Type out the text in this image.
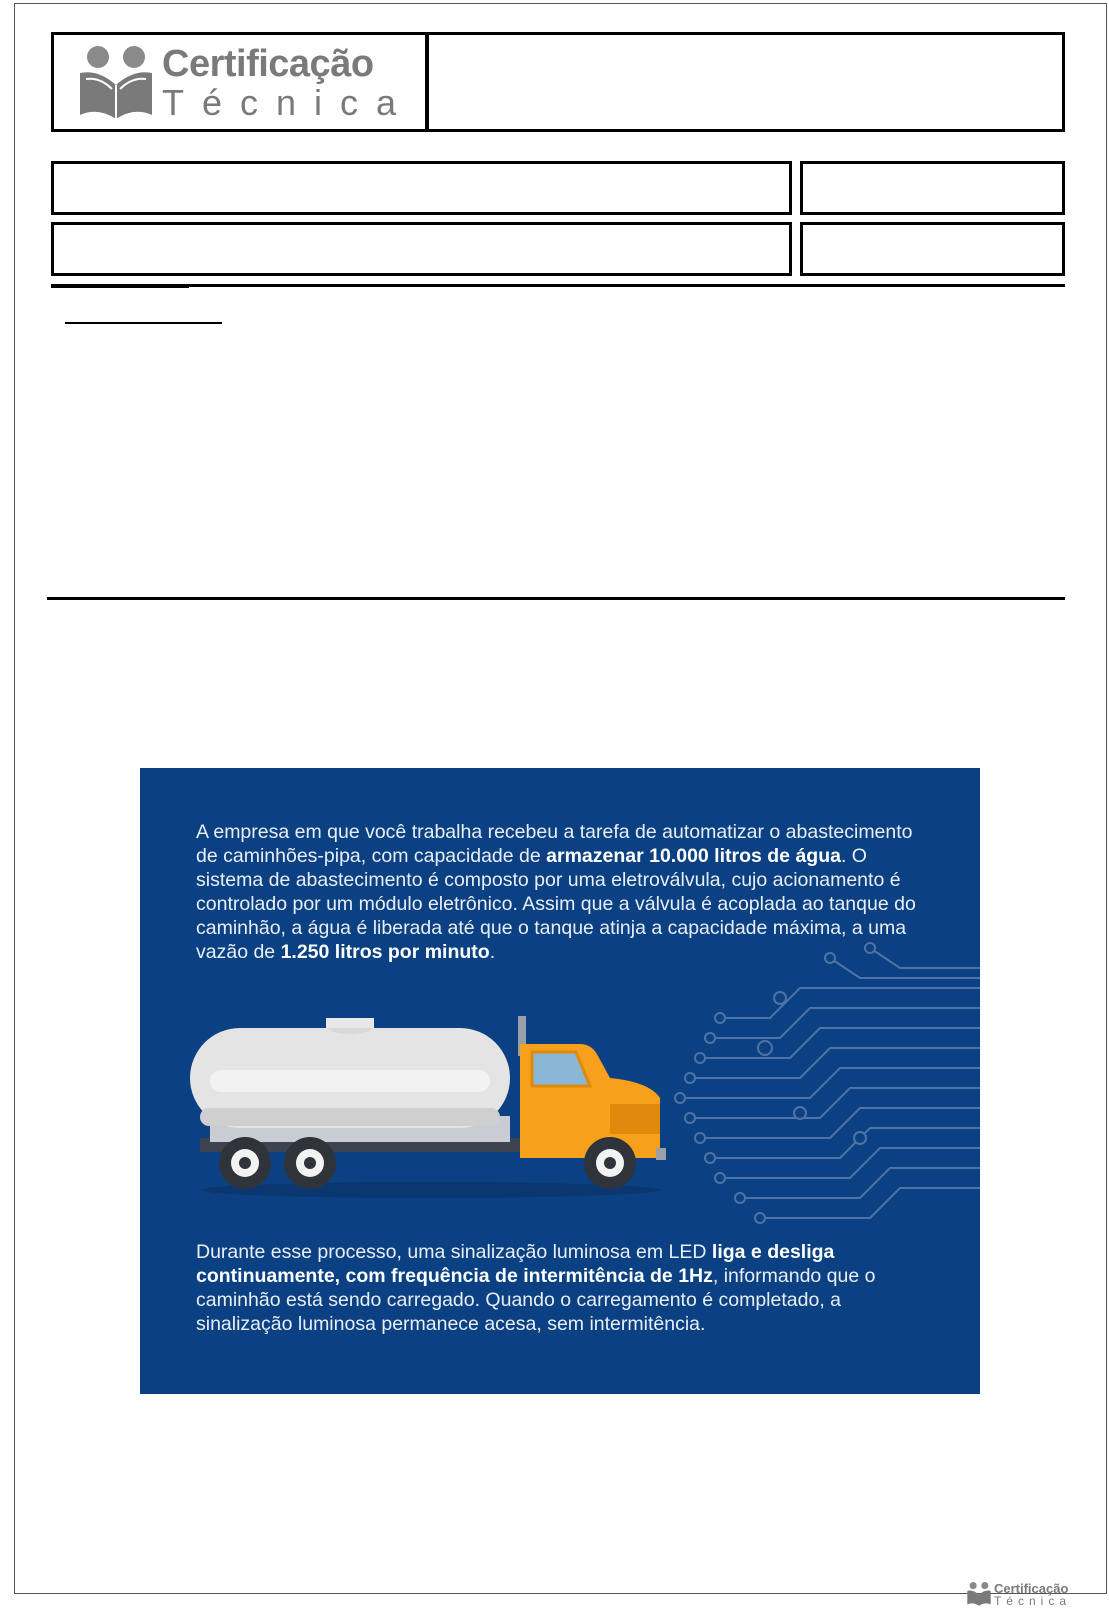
Certificação
Técnica
A empresa em que você trabalha recebeu a tarefa de automatizar o abastecimento de caminhões-pipa, com capacidade de armazenar 10.000 litros de água. O sistema de abastecimento é composto por uma eletroválvula, cujo acionamento é controlado por um módulo eletrônico. Assim que a válvula é acoplada ao tanque do caminhão, a água é liberada até que o tanque atinja a capacidade máxima, a uma vazão de 1.250 litros por minuto.
Durante esse processo, uma sinalização luminosa em LED liga e desliga continuamente, com frequência de intermitência de 1Hz, informando que o caminhão está sendo carregado. Quando o carregamento é completado, a sinalização luminosa permanece acesa, sem intermitência.
Certificação
Técnica
